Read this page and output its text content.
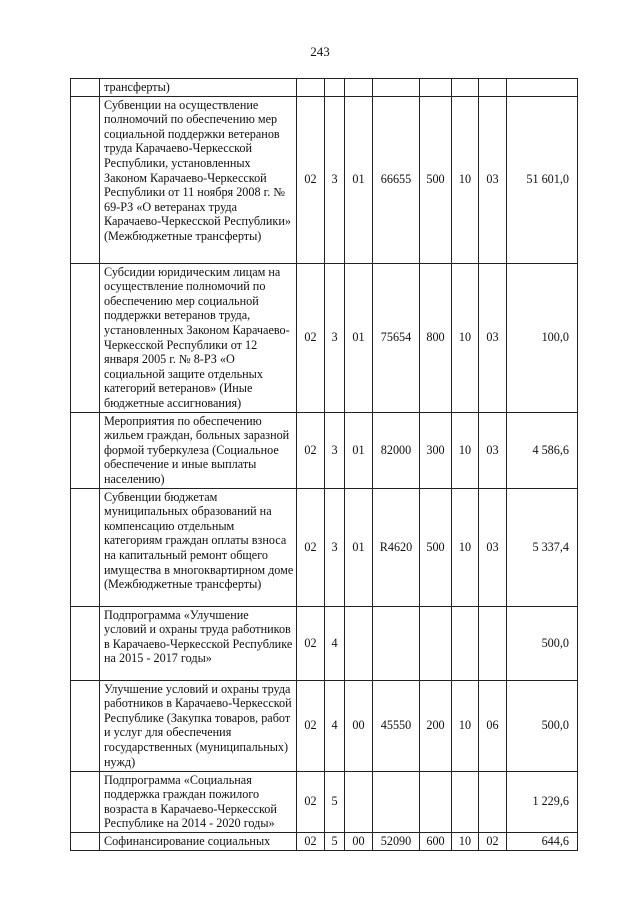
243
	трансферты)								
	Субвенции на осуществление полномочий по обеспечению мер социальной поддержки ветеранов труда Карачаево-Черкесской Республики, установленных Законом Карачаево-Черкесской Республики от 11 ноября 2008 г. № 69-РЗ «О ветеранах труда Карачаево-Черкесской Республики» (Межбюджетные трансферты)	02	3	01	66655	500	10	03	51 601,0
	Субсидии юридическим лицам на осуществление полномочий по обеспечению мер социальной поддержки ветеранов труда, установленных Законом Карачаево-Черкесской Республики от 12 января 2005 г. № 8-РЗ «О социальной защите отдельных категорий ветеранов» (Иные бюджетные ассигнования)	02	3	01	75654	800	10	03	100,0
	Мероприятия по обеспечению жильем граждан, больных заразной формой туберкулеза (Социальное обеспечение и иные выплаты населению)	02	3	01	82000	300	10	03	4 586,6
	Субвенции бюджетам муниципальных образований на компенсацию отдельным категориям граждан оплаты взноса на капитальный ремонт общего имущества в многоквартирном доме (Межбюджетные трансферты)	02	3	01	R4620	500	10	03	5 337,4
	Подпрограмма «Улучшение условий и охраны труда работников в Карачаево-Черкесской Республике на 2015 - 2017 годы»	02	4						500,0
	Улучшение условий и охраны труда работников в Карачаево-Черкесской Республике (Закупка товаров, работ и услуг для обеспечения государственных (муниципальных) нужд)	02	4	00	45550	200	10	06	500,0
	Подпрограмма «Социальная поддержка граждан пожилого возраста в Карачаево-Черкесской Республике на 2014 - 2020 годы»	02	5						1 229,6
	Софинансирование социальных	02	5	00	52090	600	10	02	644,6
